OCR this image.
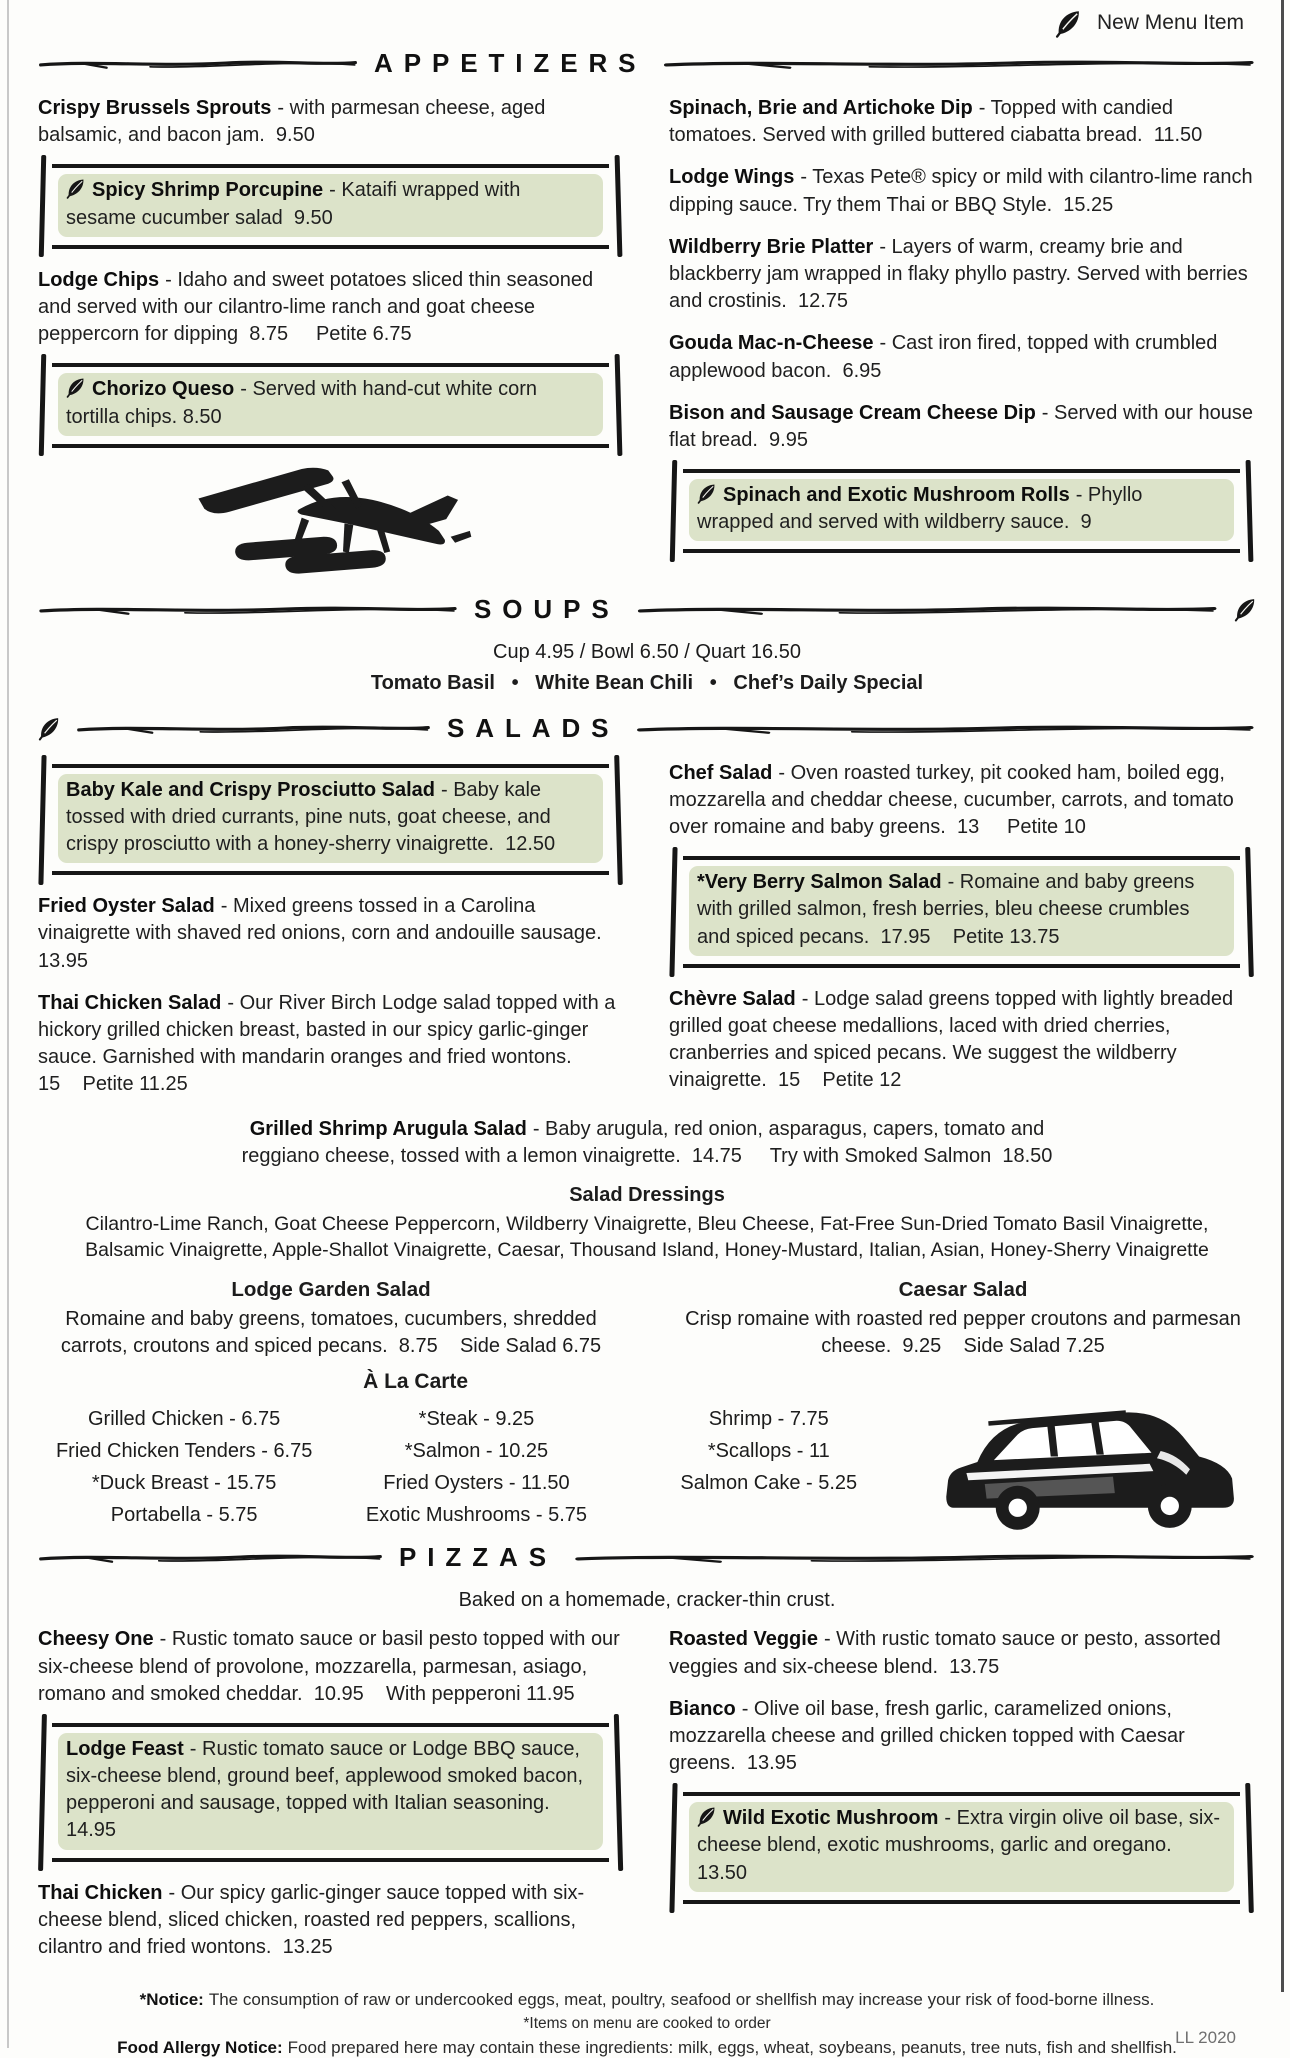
New Menu Item
APPETIZERS

Crispy Brussels Sprouts - with parmesan cheese, aged balsamic, and bacon jam.  9.50

Spicy Shrimp Porcupine - Kataifi wrapped with sesame cucumber salad  9.50

Lodge Chips - Idaho and sweet potatoes sliced thin seasoned and served with our cilantro-lime ranch and goat cheese peppercorn for dipping  8.75     Petite 6.75

Chorizo Queso - Served with hand-cut white corn tortilla chips. 8.50

Spinach, Brie and Artichoke Dip - Topped with candied tomatoes. Served with grilled buttered ciabatta bread.  11.50

Lodge Wings - Texas Pete® spicy or mild with cilantro-lime ranch dipping sauce. Try them Thai or BBQ Style.  15.25

Wildberry Brie Platter - Layers of warm, creamy brie and blackberry jam wrapped in flaky phyllo pastry. Served with berries and crostinis.  12.75

Gouda Mac-n-Cheese - Cast iron fired, topped with crumbled applewood bacon.  6.95

Bison and Sausage Cream Cheese Dip - Served with our house flat bread.  9.95

Spinach and Exotic Mushroom Rolls - Phyllo wrapped and served with wildberry sauce.  9

SOUPS

Cup 4.95 / Bowl 6.50 / Quart 16.50

Tomato Basil   •   White Bean Chili   •   Chef’s Daily Special

SALADS

Baby Kale and Crispy Prosciutto Salad - Baby kale tossed with dried currants, pine nuts, goat cheese, and crispy prosciutto with a honey-sherry vinaigrette.  12.50

Fried Oyster Salad - Mixed greens tossed in a Carolina vinaigrette with shaved red onions, corn and andouille sausage.  13.95

Thai Chicken Salad - Our River Birch Lodge salad topped with a hickory grilled chicken breast, basted in our spicy garlic-ginger sauce. Garnished with mandarin oranges and fried wontons.  15    Petite 11.25

Chef Salad - Oven roasted turkey, pit cooked ham, boiled egg, mozzarella and cheddar cheese, cucumber, carrots, and tomato over romaine and baby greens.  13     Petite 10

*Very Berry Salmon Salad - Romaine and baby greens with grilled salmon, fresh berries, bleu cheese crumbles and spiced pecans.  17.95    Petite 13.75

Chèvre Salad - Lodge salad greens topped with lightly breaded grilled goat cheese medallions, laced with dried cherries, cranberries and spiced pecans. We suggest the wildberry vinaigrette.  15    Petite 12

Grilled Shrimp Arugula Salad - Baby arugula, red onion, asparagus, capers, tomato and reggiano cheese, tossed with a lemon vinaigrette.  14.75     Try with Smoked Salmon  18.50

Salad Dressings

Cilantro-Lime Ranch, Goat Cheese Peppercorn, Wildberry Vinaigrette, Bleu Cheese, Fat-Free Sun-Dried Tomato Basil Vinaigrette, Balsamic Vinaigrette, Apple-Shallot Vinaigrette, Caesar, Thousand Island, Honey-Mustard, Italian, Asian, Honey-Sherry Vinaigrette

Lodge Garden Salad

Romaine and baby greens, tomatoes, cucumbers, shredded carrots, croutons and spiced pecans.  8.75    Side Salad 6.75

Caesar Salad

Crisp romaine with roasted red pepper croutons and parmesan cheese.  9.25    Side Salad 7.25

À La Carte

Grilled Chicken - 6.75

Fried Chicken Tenders - 6.75

*Duck Breast - 15.75

Portabella - 5.75

*Steak - 9.25

*Salmon - 10.25

Fried Oysters - 11.50

Exotic Mushrooms - 5.75

Shrimp - 7.75

*Scallops - 11

Salmon Cake - 5.25

PIZZAS

Baked on a homemade, cracker-thin crust.

Cheesy One - Rustic tomato sauce or basil pesto topped with our six-cheese blend of provolone, mozzarella, parmesan, asiago, romano and smoked cheddar.  10.95    With pepperoni 11.95

Lodge Feast - Rustic tomato sauce or Lodge BBQ sauce, six-cheese blend, ground beef, applewood smoked bacon, pepperoni and sausage, topped with Italian seasoning.  14.95

Thai Chicken - Our spicy garlic-ginger sauce topped with six-cheese blend, sliced chicken, roasted red peppers, scallions, cilantro and fried wontons.  13.25

Roasted Veggie - With rustic tomato sauce or pesto, assorted veggies and six-cheese blend.  13.75

Bianco - Olive oil base, fresh garlic, caramelized onions, mozzarella cheese and grilled chicken topped with Caesar greens.  13.95

Wild Exotic Mushroom - Extra virgin olive oil base, six-cheese blend, exotic mushrooms, garlic and oregano.  13.50

*Notice: The consumption of raw or undercooked eggs, meat, poultry, seafood or shellfish may increase your risk of food-borne illness.

*Items on menu are cooked to order

Food Allergy Notice: Food prepared here may contain these ingredients: milk, eggs, wheat, soybeans, peanuts, tree nuts, fish and shellfish.

LL 2020
